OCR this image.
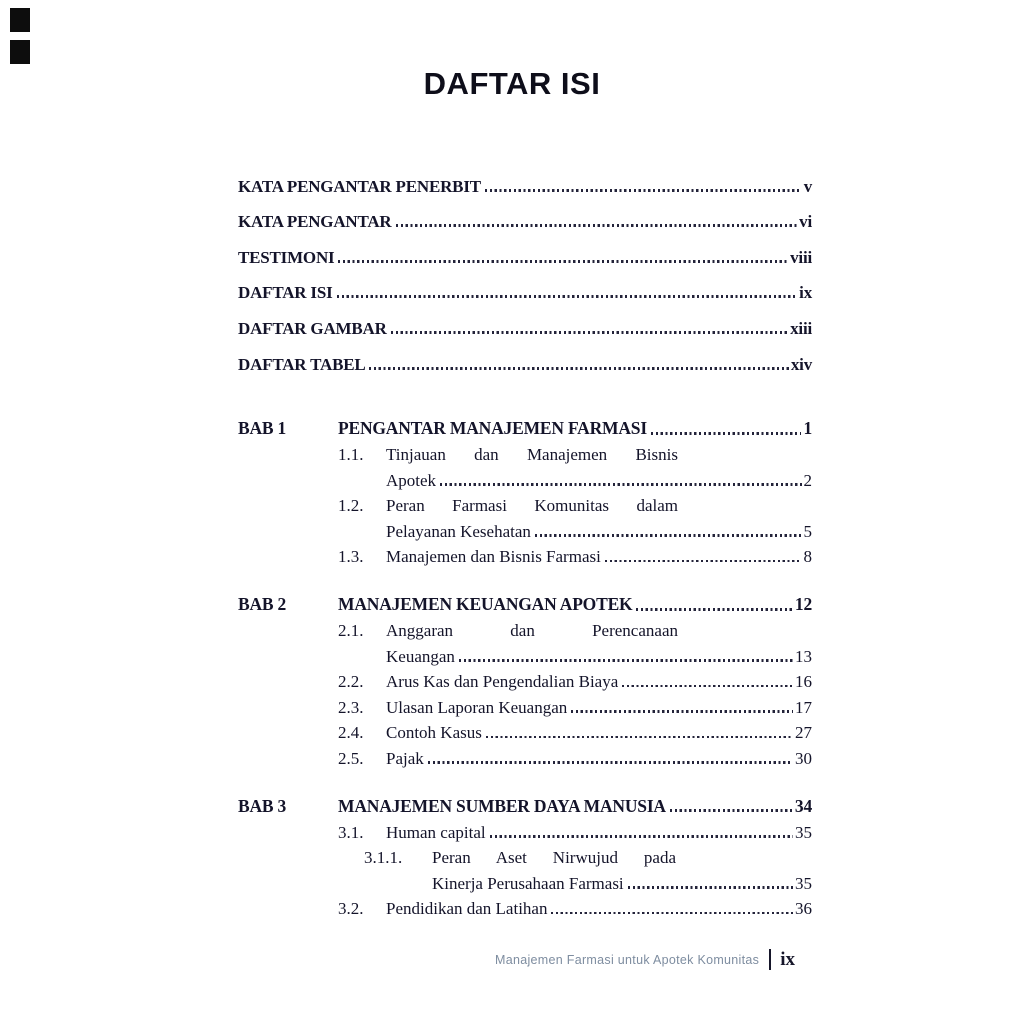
DAFTAR ISI
KATA PENGANTAR PENERBIT	v
KATA PENGANTAR	vi
TESTIMONI	viii
DAFTAR ISI	ix
DAFTAR GAMBAR	xiii
DAFTAR TABEL	xiv
BAB 1	PENGANTAR MANAJEMEN FARMASI	1
1.1.	Tinjauan dan Manajemen Bisnis
Apotek	2
1.2.	Peran Farmasi Komunitas dalam
Pelayanan Kesehatan	5
1.3.	Manajemen dan Bisnis Farmasi	8
BAB 2	MANAJEMEN KEUANGAN APOTEK	12
2.1.	Anggaran dan Perencanaan
Keuangan	13
2.2.	Arus Kas dan Pengendalian Biaya	16
2.3.	Ulasan Laporan Keuangan	17
2.4.	Contoh Kasus	27
2.5.	Pajak	30
BAB 3	MANAJEMEN SUMBER DAYA MANUSIA	34
3.1.	Human capital	35
3.1.1.	Peran Aset Nirwujud pada
Kinerja Perusahaan Farmasi	35
3.2.	Pendidikan dan Latihan	36
Manajemen Farmasi untuk Apotek Komunitas ix
